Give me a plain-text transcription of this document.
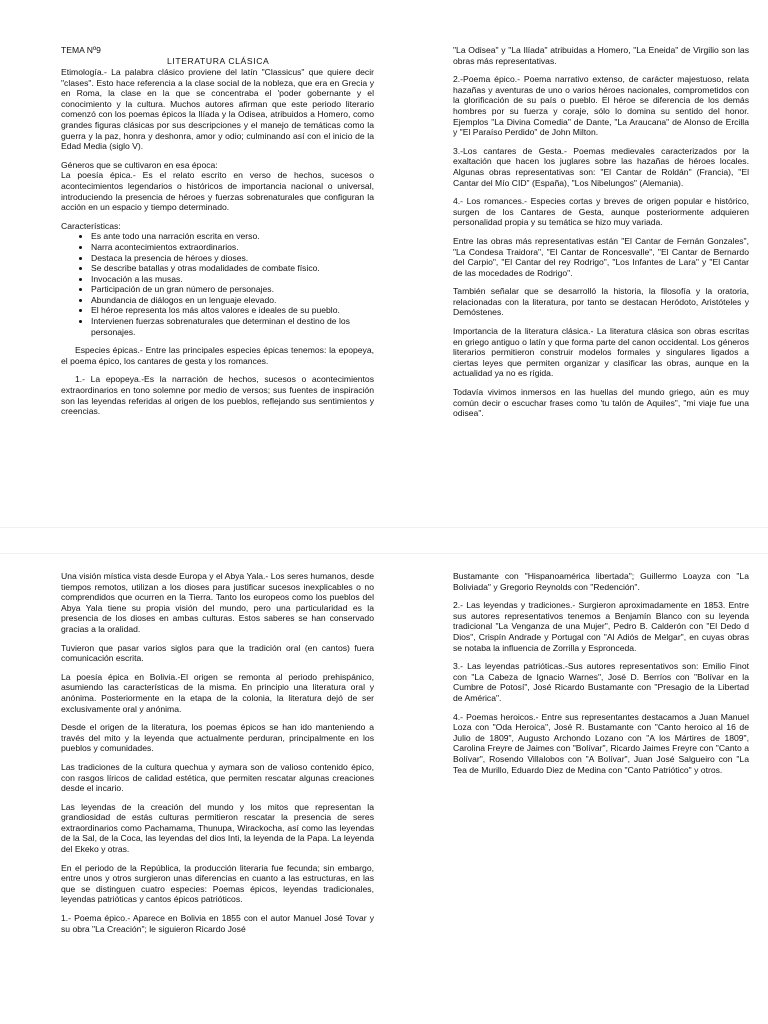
TEMA Nº9
LITERATURA CLÁSICA

Etimología.- La palabra clásico proviene del latín "Classicus" que quiere decir "clases". Esto hace referencia a la clase social de la nobleza, que era en Grecia y en Roma, la clase en la que se concentraba el 'poder gobernante y el conocimiento y la cultura. Muchos autores afirman que este periodo literario comenzó con los poemas épicos la Ilíada y la Odisea, atribuidos a Homero, como grandes figuras clásicas por sus descripciones y el manejo de temáticas como la guerra y la paz, honra y deshonra, amor y odio; culminando así con el inicio de la Edad Media (siglo V).

Géneros que se cultivaron en esa época:

La poesía épica.- Es el relato escrito en verso de hechos, sucesos o acontecimientos legendarios o históricos de importancia nacional o universal, introduciendo la presencia de héroes y fuerzas sobrenaturales que configuran la acción en un espacio y tiempo determinado.

Características:
• Es ante todo una narración escrita en verso.
• Narra acontecimientos extraordinarios.
• Destaca la presencia de héroes y dioses.
• Se describe batallas y otras modalidades de combate físico.
• Invocación a las musas.
• Participación de un gran número de personajes.
• Abundancia de diálogos en un lenguaje elevado.
• El héroe representa los más altos valores e ideales de su pueblo.
• Intervienen fuerzas sobrenaturales que determinan el destino de los personajes.

Especies épicas.- Entre las principales especies épicas tenemos: la epopeya, el poema épico, los cantares de gesta y los romances.

1.- La epopeya.-Es la narración de hechos, sucesos o acontecimientos extraordinarios en tono solemne por medio de versos; sus fuentes de inspiración son las leyendas referidas al origen de los pueblos, reflejando sus sentimientos y creencias.

"La Odisea" y "La Ilíada" atribuidas a Homero, "La Eneida" de Virgilio son las obras más representativas.

2.-Poema épico.- Poema narrativo extenso, de carácter majestuoso, relata hazañas y aventuras de uno o varios héroes nacionales, comprometidos con la glorificación de su país o pueblo. El héroe se diferencia de los demás hombres por su fuerza y coraje, sólo lo domina su sentido del honor. Ejemplos "La Divina Comedia" de Dante, "La Araucana" de Alonso de Ercilla y "El Paraíso Perdido" de John Milton.

3.-Los cantares de Gesta.- Poemas medievales caracterizados por la exaltación que hacen los juglares sobre las hazañas de héroes locales. Algunas obras representativas son: "El Cantar de Roldán" (Francia), "El Cantar del Mío CID" (España), "Los Nibelungos" (Alemania).

4.- Los romances.- Especies cortas y breves de origen popular e histórico, surgen de los Cantares de Gesta, aunque posteriormente adquieren personalidad propia y su temática se hizo muy variada.

Entre las obras más representativas están "El Cantar de Fernán Gonzales", "La Condesa Traidora", "El Cantar de Roncesvalle", "El Cantar de Bernardo del Carpio", "El Cantar del rey Rodrigo", "Los Infantes de Lara" y "El Cantar de las mocedades de Rodrigo".

También señalar que se desarrolló la historia, la filosofía y la oratoria, relacionadas con la literatura, por tanto se destacan Heródoto, Aristóteles y Demóstenes.

Importancia de la literatura clásica.- La literatura clásica son obras escritas en griego antiguo o latín y que forma parte del canon occidental. Los géneros literarios permitieron construir modelos formales y singulares ligados a ciertas leyes que permiten organizar y clasificar las obras, aunque en la actualidad ya no es rígida.

Todavía vivimos inmersos en las huellas del mundo griego, aún es muy común decir o escuchar frases como 'tu talón de Aquiles", "mi viaje fue una odisea".

Una visión mística vista desde Europa y el Abya Yala.- Los seres humanos, desde tiempos remotos, utilizan a los dioses para justificar sucesos inexplicables o no comprendidos que ocurren en la Tierra. Tanto los europeos como los pueblos del Abya Yala tiene su propia visión del mundo, pero una particularidad es la presencia de los dioses en ambas culturas. Estos saberes se han conservado gracias a la oralidad.

Tuvieron que pasar varios siglos para que la tradición oral (en cantos) fuera comunicación escrita.

La poesía épica en Bolivia.-El origen se remonta al periodo prehispánico, asumiendo las características de la misma. En principio una literatura oral y anónima. Posteriormente en la etapa de la colonia, la literatura dejó de ser exclusivamente oral y anónima.

Desde el origen de la literatura, los poemas épicos se han ido manteniendo a través del mito y la leyenda que actualmente perduran, principalmente en los pueblos y comunidades.

Las tradiciones de la cultura quechua y aymara son de valioso contenido épico, con rasgos líricos de calidad estética, que permiten rescatar algunas creaciones desde el incario.

Las leyendas de la creación del mundo y los mitos que representan la grandiosidad de estás culturas permitieron rescatar la presencia de seres extraordinarios como Pachamama, Thunupa, Wirackocha, así como las leyendas de la Sal, de la Coca, las leyendas del dios Inti, la leyenda de la Papa. La leyenda del Ekeko y otras.

En el periodo de la República, la producción literaria fue fecunda; sin embargo, entre unos y otros surgieron unas diferencias en cuanto a las estructuras, en las que se distinguen cuatro especies: Poemas épicos, leyendas tradicionales, leyendas patrióticas y cantos épicos patrióticos.

1.- Poema épico.- Aparece en Bolivia en 1855 con el autor Manuel José Tovar y su obra "La Creación"; le siguieron Ricardo José

Bustamante con "Hispanoamérica libertada"; Guillermo Loayza con "La Boliviada" y Gregorio Reynolds con "Redención".

2.- Las leyendas y tradiciones.- Surgieron aproximadamente en 1853. Entre sus autores representativos tenemos a Benjamín Blanco con su leyenda tradicional "La Venganza de una Mujer", Pedro B. Calderón con "El Dedo d Dios", Crispín Andrade y Portugal con "Al Adiós de Melgar", en cuyas obras se notaba la influencia de Zorrilla y Espronceda.

3.- Las leyendas patrióticas.-Sus autores representativos son: Emilio Finot con "La Cabeza de Ignacio Warnes", José D. Berríos con "Bolívar en la Cumbre de Potosí", José Ricardo Bustamante con "Presagio de la Libertad de América".

4.- Poemas heroicos.- Entre sus representantes destacamos a Juan Manuel Loza con "Oda Heroica", José R. Bustamante con "Canto heroico al 16 de Julio de 1809", Augusto Archondo Lozano con "A los Mártires de 1809", Carolina Freyre de Jaimes con "Bolívar", Ricardo Jaimes Freyre con "Canto a Bolívar", Rosendo Villalobos con "A Bolívar", Juan José Salgueiro con "La Tea de Murillo, Eduardo Diez de Medina con "Canto Patriótico" y otros.
